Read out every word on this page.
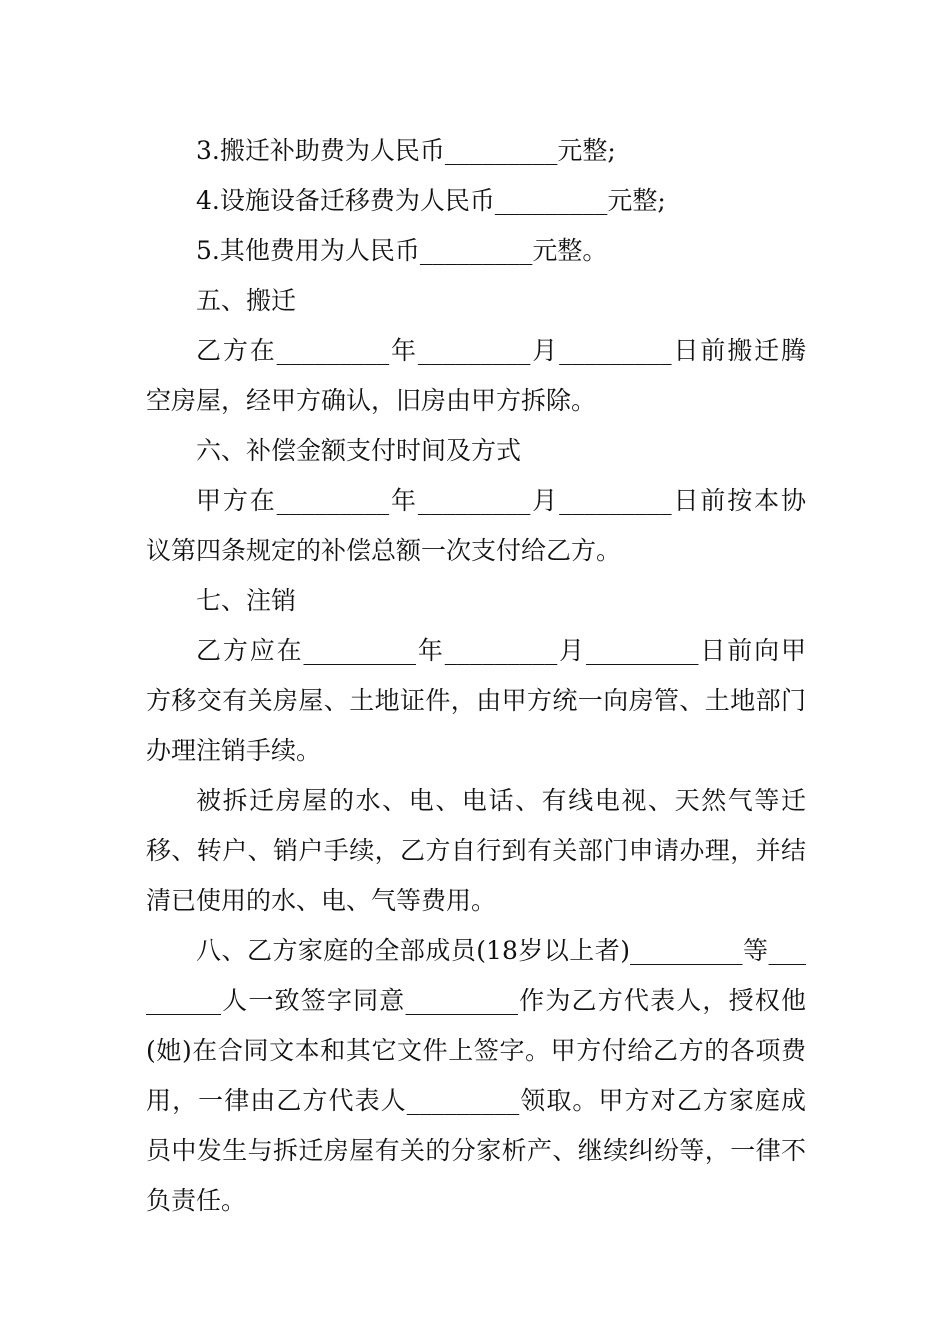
3.搬迁补助费为人民币_________元整;

4.设施设备迁移费为人民币_________元整;

5.其他费用为人民币_________元整。

五、搬迁

乙方在_________年_________月_________日前搬迁腾空房屋，经甲方确认，旧房由甲方拆除。

六、补偿金额支付时间及方式

甲方在_________年_________月_________日前按本协议第四条规定的补偿总额一次支付给乙方。

七、注销

乙方应在_________年_________月_________日前向甲方移交有关房屋、土地证件，由甲方统一向房管、土地部门办理注销手续。

被拆迁房屋的水、电、电话、有线电视、天然气等迁移、转户、销户手续，乙方自行到有关部门申请办理，并结清已使用的水、电、气等费用。

八、乙方家庭的全部成员(18岁以上者)_________等_________人一致签字同意_________作为乙方代表人，授权他(她)在合同文本和其它文件上签字。甲方付给乙方的各项费用，一律由乙方代表人_________领取。甲方对乙方家庭成员中发生与拆迁房屋有关的分家析产、继续纠纷等，一律不负责任。
